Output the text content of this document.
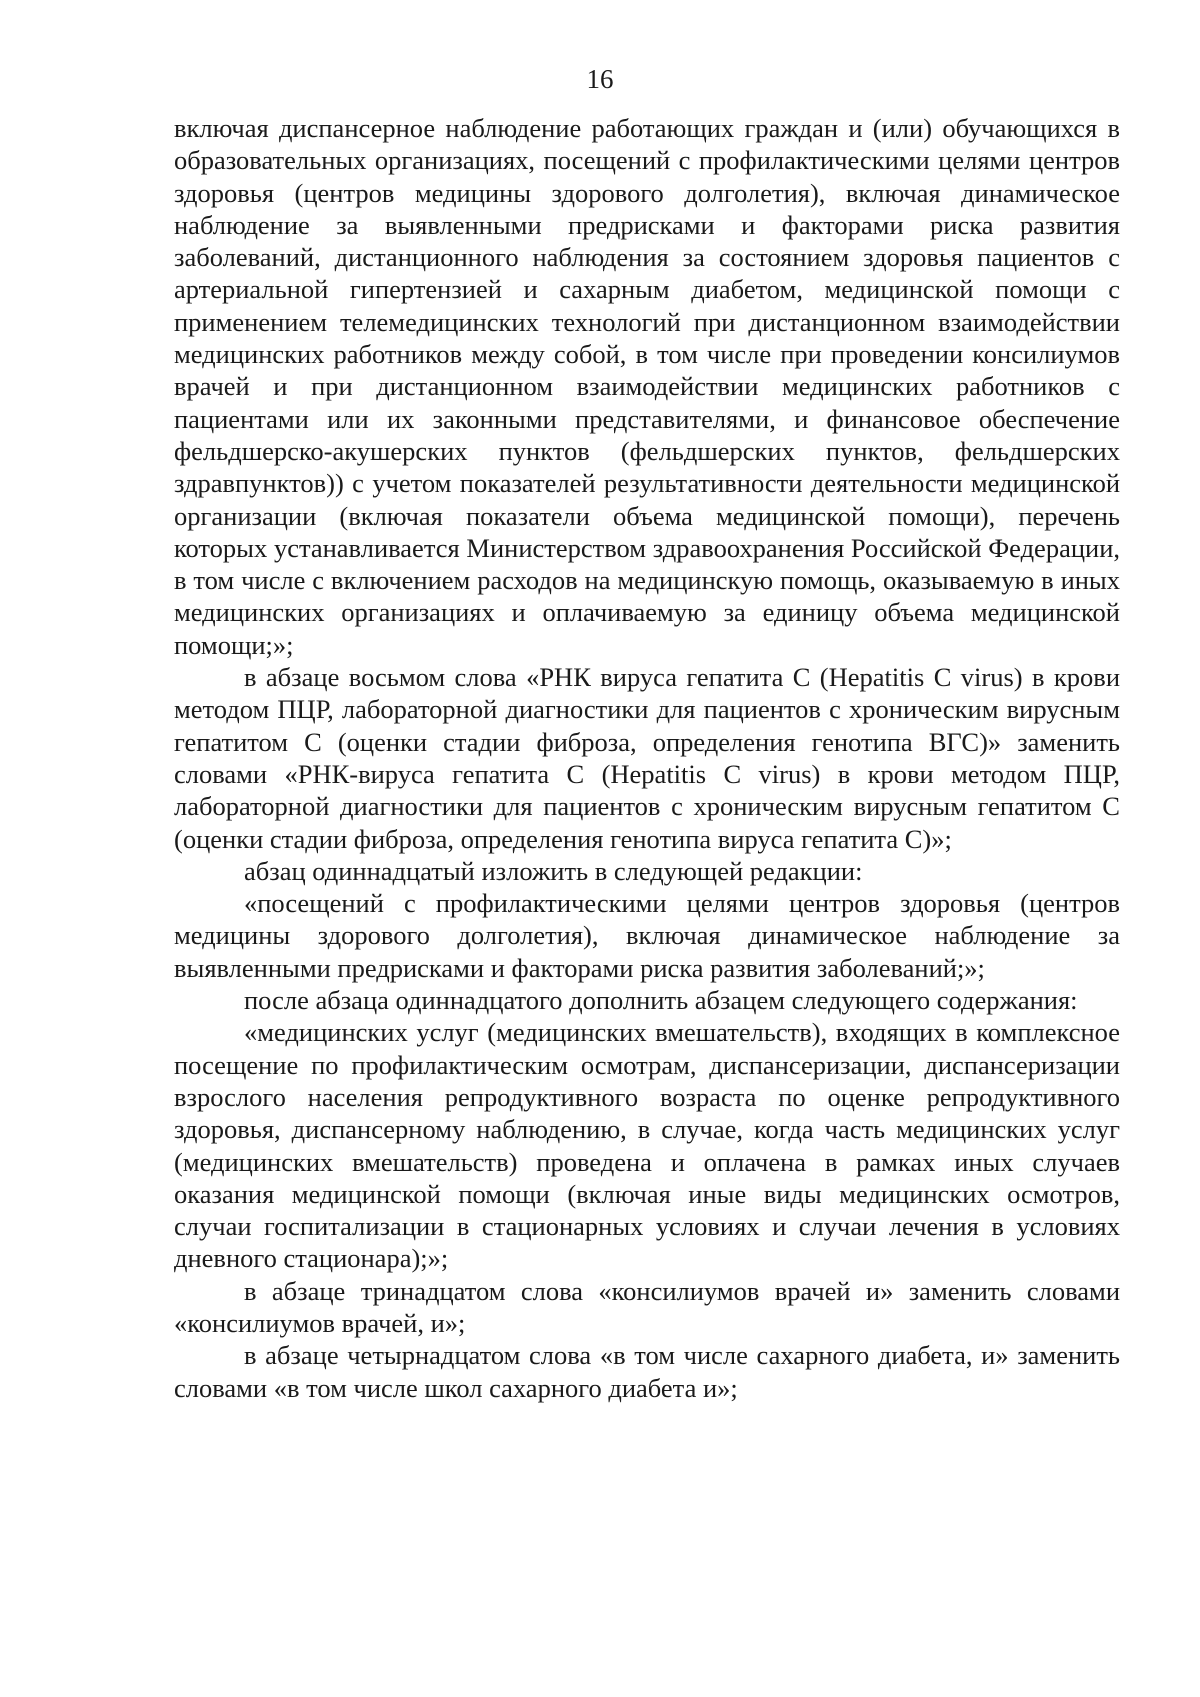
16

включая диспансерное наблюдение работающих граждан и (или) обучающихся в образовательных организациях, посещений с профилактическими целями центров здоровья (центров медицины здорового долголетия), включая динамическое наблюдение за выявленными предрисками и факторами риска развития заболеваний, дистанционного наблюдения за состоянием здоровья пациентов с артериальной гипертензией и сахарным диабетом, медицинской помощи с применением телемедицинских технологий при дистанционном взаимодействии медицинских работников между собой, в том числе при проведении консилиумов врачей и при дистанционном взаимодействии медицинских работников с пациентами или их законными представителями, и финансовое обеспечение фельдшерско-акушерских пунктов (фельдшерских пунктов, фельдшерских здравпунктов)) с учетом показателей результативности деятельности медицинской организации (включая показатели объема медицинской помощи), перечень которых устанавливается Министерством здравоохранения Российской Федерации, в том числе с включением расходов на медицинскую помощь, оказываемую в иных медицинских организациях и оплачиваемую за единицу объема медицинской помощи;»;

в абзаце восьмом слова «РНК вируса гепатита C (Hepatitis C virus) в крови методом ПЦР, лабораторной диагностики для пациентов с хроническим вирусным гепатитом C (оценки стадии фиброза, определения генотипа ВГС)» заменить словами «РНК-вируса гепатита C (Hepatitis C virus) в крови методом ПЦР, лабораторной диагностики для пациентов с хроническим вирусным гепатитом C (оценки стадии фиброза, определения генотипа вируса гепатита C)»;

абзац одиннадцатый изложить в следующей редакции:

«посещений с профилактическими целями центров здоровья (центров медицины здорового долголетия), включая динамическое наблюдение за выявленными предрисками и факторами риска развития заболеваний;»;

после абзаца одиннадцатого дополнить абзацем следующего содержания:

«медицинских услуг (медицинских вмешательств), входящих в комплексное посещение по профилактическим осмотрам, диспансеризации, диспансеризации взрослого населения репродуктивного возраста по оценке репродуктивного здоровья, диспансерному наблюдению, в случае, когда часть медицинских услуг (медицинских вмешательств) проведена и оплачена в рамках иных случаев оказания медицинской помощи (включая иные виды медицинских осмотров, случаи госпитализации в стационарных условиях и случаи лечения в условиях дневного стационара);»;

в абзаце тринадцатом слова «консилиумов врачей и» заменить словами «консилиумов врачей, и»;

в абзаце четырнадцатом слова «в том числе сахарного диабета, и» заменить словами «в том числе школ сахарного диабета и»;
